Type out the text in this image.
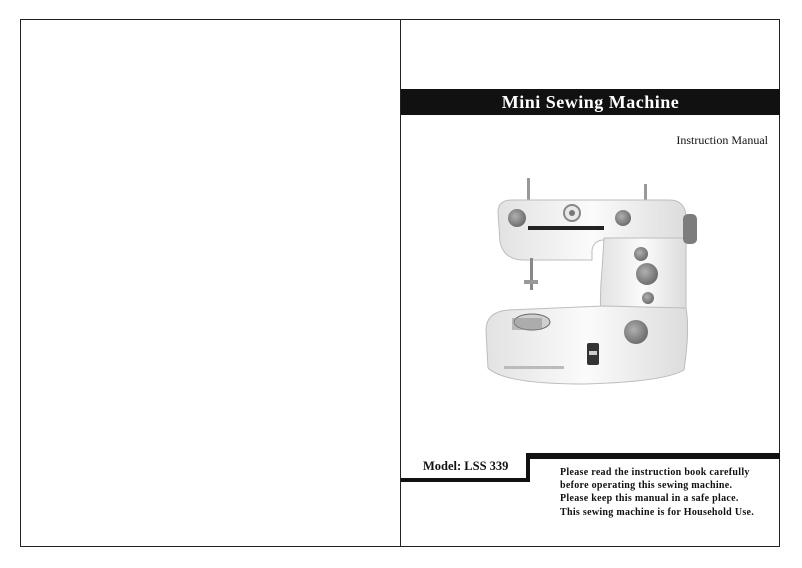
Mini Sewing Machine
Instruction Manual
Model: LSS 339	Please read the instruction book carefully
before operating this sewing machine.
Please keep this manual in a safe place.
This sewing machine is for Household Use.
